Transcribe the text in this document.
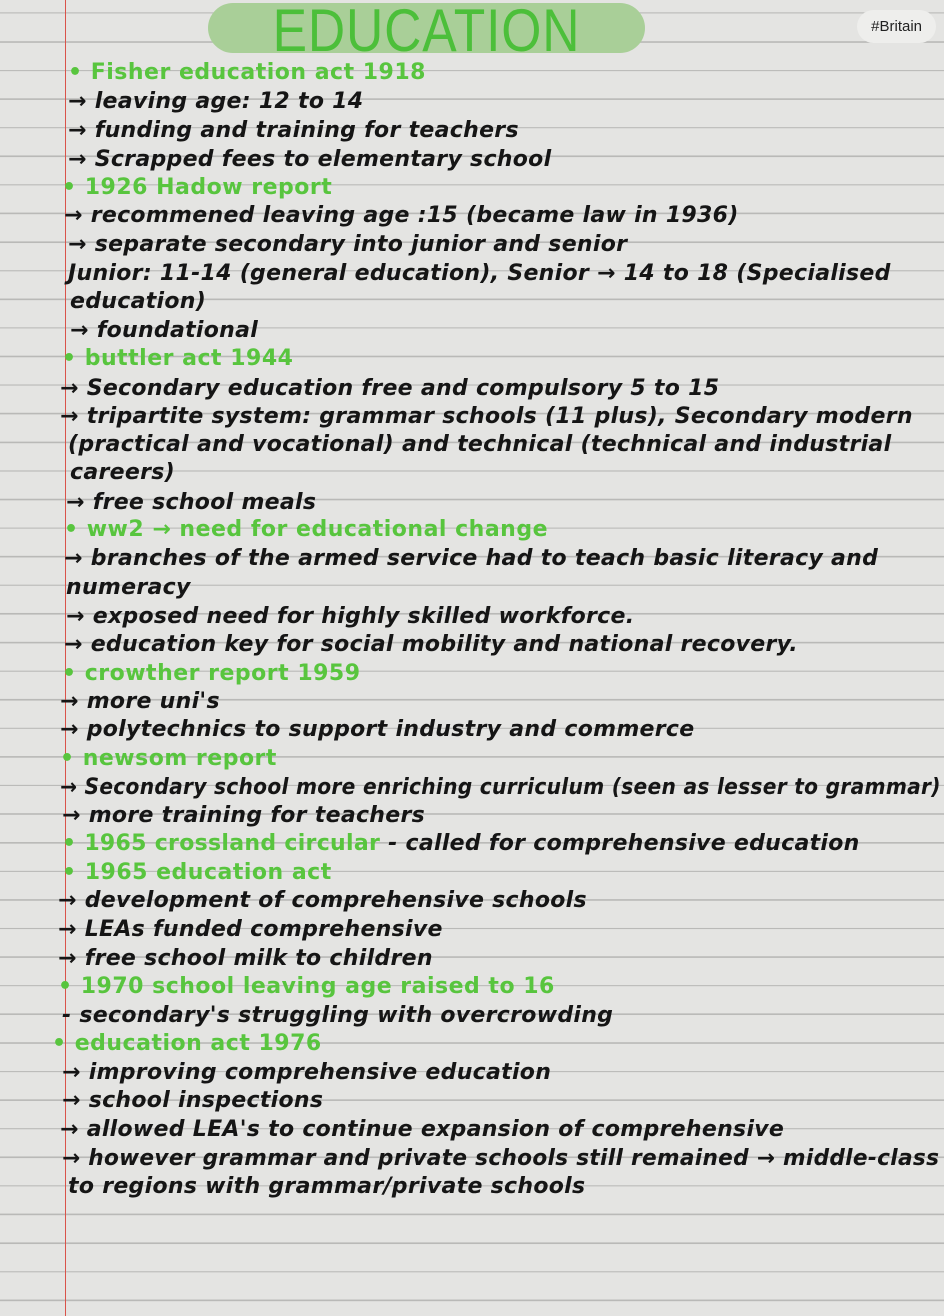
EDUCATION	#Britain
• Fisher education act 1918
→ leaving age: 12 to 14
→ funding and training for teachers
→ Scrapped fees to elementary school
• 1926 Hadow report
→ recommened leaving age :15 (became law in 1936)
→ separate secondary into junior and senior
Junior: 11-14 (general education), Senior → 14 to 18 (Specialised
education)
→ foundational
• buttler act 1944
→ Secondary education free and compulsory 5 to 15
→ tripartite system: grammar schools (11 plus), Secondary modern
(practical and vocational) and technical (technical and industrial
careers)
→ free school meals
• ww2 → need for educational change
→ branches of the armed service had to teach basic literacy and
numeracy
→ exposed need for highly skilled workforce.
→ education key for social mobility and national recovery.
• crowther report 1959
→ more uni's
→ polytechnics to support industry and commerce
• newsom report
→ Secondary school more enriching curriculum (seen as lesser to grammar)
→ more training for teachers
• 1965 crossland circular - called for comprehensive education
• 1965 education act
→ development of comprehensive schools
→ LEAs funded comprehensive
→ free school milk to children
• 1970 school leaving age raised to 16
- secondary's struggling with overcrowding
• education act 1976
→ improving comprehensive education
→ school inspections
→ allowed LEA's to continue expansion of comprehensive
→ however grammar and private schools still remained → middle-class
to regions with grammar/private schools
